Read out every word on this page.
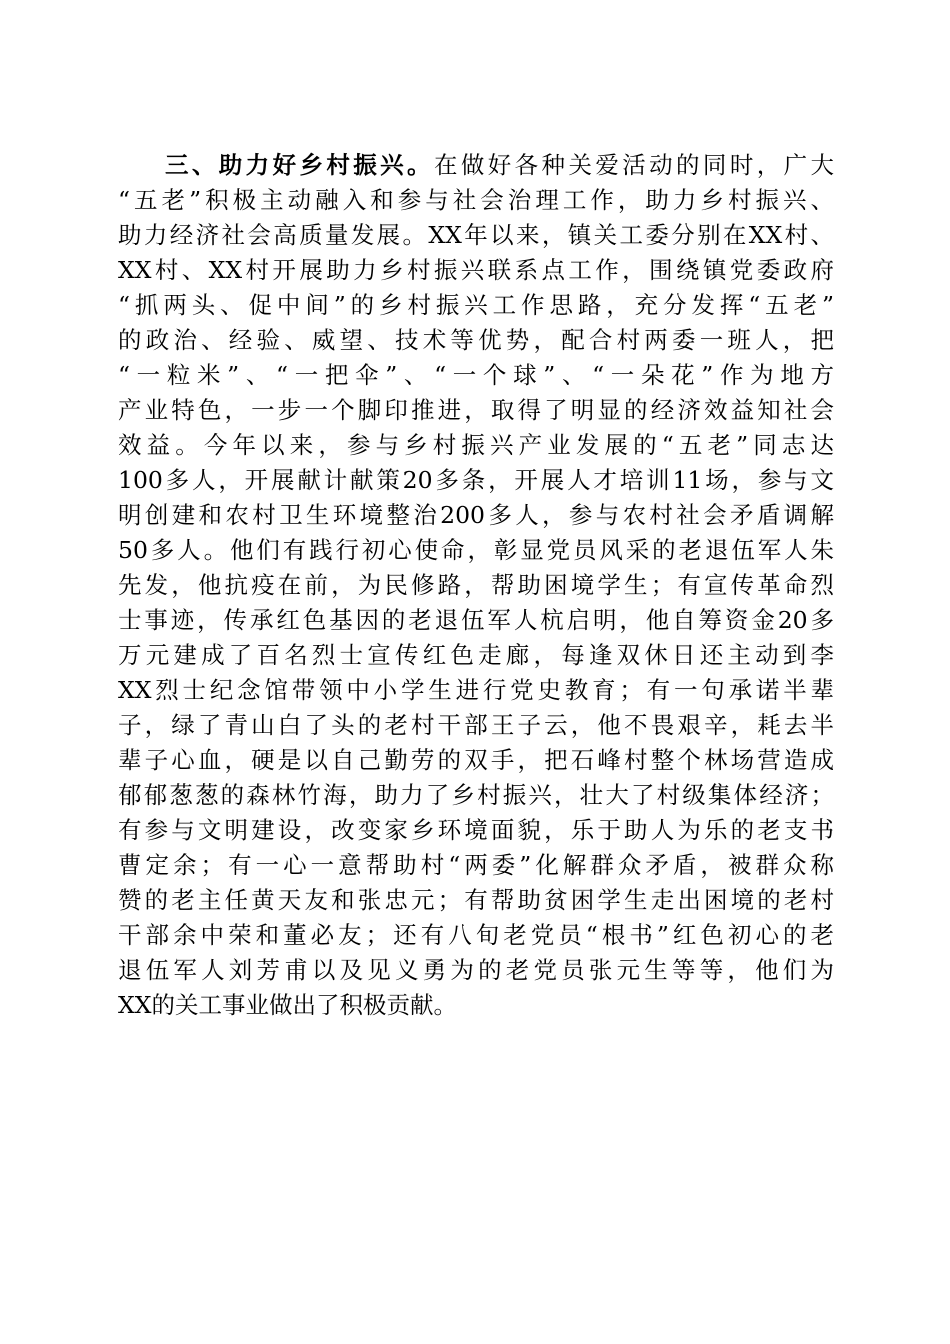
三、助力好乡村振兴。在做好各种关爱活动的同时，广大
“五老”积极主动融入和参与社会治理工作，助力乡村振兴、
助力经济社会高质量发展。XX年以来，镇关工委分别在XX村、
XX村、XX村开展助力乡村振兴联系点工作，围绕镇党委政府
“抓两头、促中间”的乡村振兴工作思路，充分发挥“五老”
的政治、经验、威望、技术等优势，配合村两委一班人，把
“一粒米”、“一把伞”、“一个球”、“一朵花”作为地方
产业特色，一步一个脚印推进，取得了明显的经济效益知社会
效益。今年以来，参与乡村振兴产业发展的“五老”同志达
100多人，开展献计献策20多条，开展人才培训11场，参与文
明创建和农村卫生环境整治200多人，参与农村社会矛盾调解
50多人。他们有践行初心使命，彰显党员风采的老退伍军人朱
先发，他抗疫在前，为民修路，帮助困境学生；有宣传革命烈
士事迹，传承红色基因的老退伍军人杭启明，他自筹资金20多
万元建成了百名烈士宣传红色走廊，每逢双休日还主动到李
XX烈士纪念馆带领中小学生进行党史教育；有一句承诺半辈
子，绿了青山白了头的老村干部王子云，他不畏艰辛，耗去半
辈子心血，硬是以自己勤劳的双手，把石峰村整个林场营造成
郁郁葱葱的森林竹海，助力了乡村振兴，壮大了村级集体经济；
有参与文明建设，改变家乡环境面貌，乐于助人为乐的老支书
曹定余；有一心一意帮助村“两委”化解群众矛盾，被群众称
赞的老主任黄天友和张忠元；有帮助贫困学生走出困境的老村
干部余中荣和董必友；还有八旬老党员“根书”红色初心的老
退伍军人刘芳甫以及见义勇为的老党员张元生等等，他们为
XX的关工事业做出了积极贡献。
